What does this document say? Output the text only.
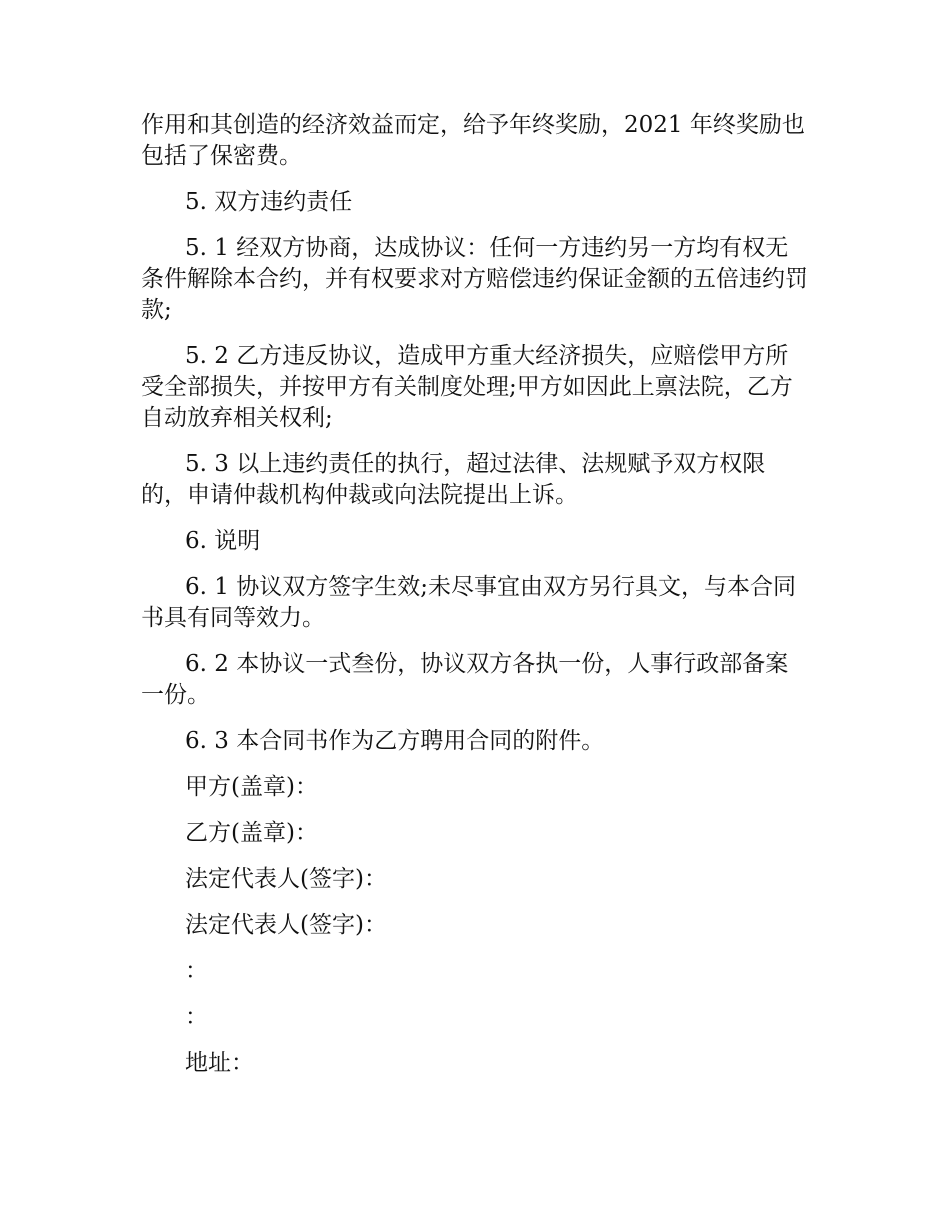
作用和其创造的经济效益而定，给予年终奖励，2021 年终奖励也包括了保密费。

5. 双方违约责任

5. 1 经双方协商，达成协议：任何一方违约另一方均有权无条件解除本合约，并有权要求对方赔偿违约保证金额的五倍违约罚款;

5. 2 乙方违反协议，造成甲方重大经济损失，应赔偿甲方所受全部损失，并按甲方有关制度处理;甲方如因此上禀法院，乙方自动放弃相关权利;

5. 3 以上违约责任的执行，超过法律、法规赋予双方权限的，申请仲裁机构仲裁或向法院提出上诉。

6. 说明

6. 1 协议双方签字生效;未尽事宜由双方另行具文，与本合同书具有同等效力。

6. 2 本协议一式叁份，协议双方各执一份，人事行政部备案一份。

6. 3 本合同书作为乙方聘用合同的附件。

甲方(盖章)：
乙方(盖章)：
法定代表人(签字)：
法定代表人(签字)：
：
：
地址：
